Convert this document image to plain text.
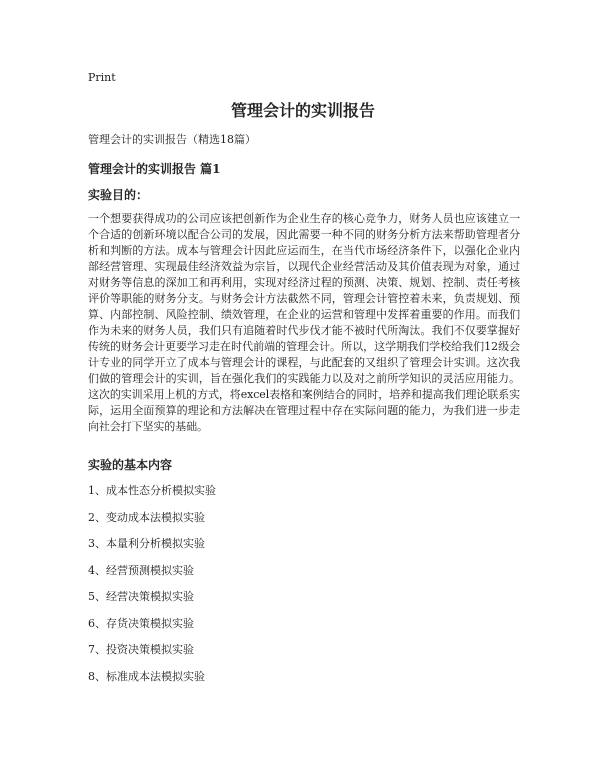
Print
管理会计的实训报告
管理会计的实训报告（精选18篇）
管理会计的实训报告 篇1
实验目的：

一个想要获得成功的公司应该把创新作为企业生存的核心竞争力，财务人员也应该建立一个合适的创新环境以配合公司的发展，因此需要一种不同的财务分析方法来帮助管理者分析和判断的方法。成本与管理会计因此应运而生，在当代市场经济条件下，以强化企业内部经营管理、实现最佳经济效益为宗旨，以现代企业经营活动及其价值表现为对象，通过对财务等信息的深加工和再利用，实现对经济过程的预测、决策、规划、控制、责任考核评价等职能的财务分支。与财务会计方法截然不同，管理会计管控着未来，负责规划、预算、内部控制、风险控制、绩效管理，在企业的运营和管理中发挥着重要的作用。而我们作为未来的财务人员，我们只有追随着时代步伐才能不被时代所淘汰。我们不仅要掌握好传统的财务会计更要学习走在时代前端的管理会计。所以，这学期我们学校给我们12级会计专业的同学开立了成本与管理会计的课程，与此配套的又组织了管理会计实训。这次我们做的管理会计的实训，旨在强化我们的实践能力以及对之前所学知识的灵活应用能力。这次的实训采用上机的方式，将excel表格和案例结合的同时，培养和提高我们理论联系实际，运用全面预算的理论和方法解决在管理过程中存在实际问题的能力，为我们进一步走向社会打下坚实的基础。

实验的基本内容
1、成本性态分析模拟实验
2、变动成本法模拟实验
3、本量利分析模拟实验
4、经营预测模拟实验
5、经营决策模拟实验
6、存货决策模拟实验
7、投资决策模拟实验
8、标准成本法模拟实验
